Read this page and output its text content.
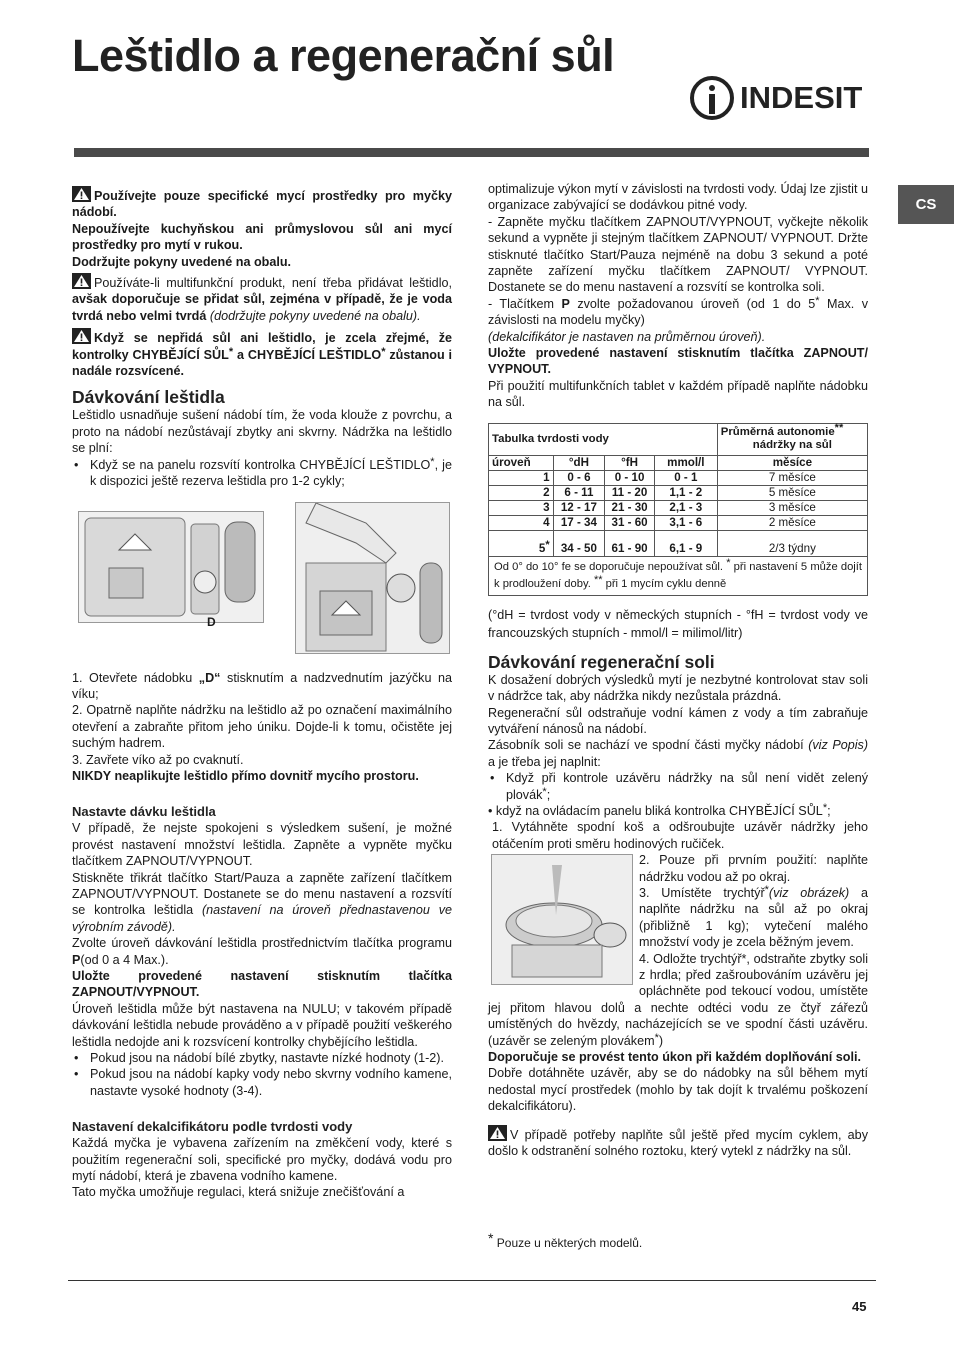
Leštidlo a regenerační sůl
INDESIT
CS

Používejte pouze specifické mycí prostředky pro myčky nádobí.

Nepoužívejte kuchyňskou ani průmyslovou sůl ani mycí prostředky pro mytí v rukou.

Dodržujte pokyny uvedené na obalu.

Používáte-li multifunkční produkt, není třeba přidávat leštidlo, avšak doporučuje se přidat sůl, zejména v případě, že je voda tvrdá nebo velmi tvrdá (dodržujte pokyny uvedené na obalu).

Když se nepřidá sůl ani leštidlo, je zcela zřejmé, že kontrolky CHYBĚJÍCÍ SŮL* a CHYBĚJÍCÍ LEŠTIDLO* zůstanou i nadále rozsvícené.

Dávkování leštidla

Leštidlo usnadňuje sušení nádobí tím, že voda klouže z povrchu, a proto na nádobí nezůstávají zbytky ani skvrny. Nádržka na leštidlo se plní:

• Když se na panelu rozsvítí kontrolka CHYBĚJÍCÍ LEŠTIDLO*, je k dispozici ještě rezerva leštidla pro 1-2 cykly;
D

1. Otevřete nádobku „D“ stisknutím a nadzvednutím jazýčku na víku;

2. Opatrně naplňte nádržku na leštidlo až po označení maximálního otevření a zabraňte přitom jeho úniku. Dojde-li k tomu, očistěte jej suchým hadrem.

3. Zavřete víko až po cvaknutí.

NIKDY neaplikujte leštidlo přímo dovnitř mycího prostoru.

Nastavte dávku leštidla

V případě, že nejste spokojeni s výsledkem sušení, je možné provést nastavení množství leštidla. Zapněte a vypněte myčku tlačítkem ZAPNOUT/VYPNOUT.

Stiskněte třikrát tlačítko Start/Pauza a zapněte zařízení tlačítkem ZAPNOUT/VYPNOUT. Dostanete se do menu nastavení a rozsvítí se kontrolka leštidla (nastavení na úroveň přednastavenou ve výrobním závodě).

Zvolte úroveň dávkování leštidla prostřednictvím tlačítka programu P(od 0 a 4 Max.).

Uložte provedené nastavení stisknutím tlačítka ZAPNOUT/VYPNOUT.

Úroveň leštidla může být nastavena na NULU; v takovém případě dávkování leštidla nebude prováděno a v případě použití veškerého leštidla nedojde ani k rozsvícení kontrolky chybějícího leštidla.

• Pokud jsou na nádobí bílé zbytky, nastavte nízké hodnoty (1-2).
• Pokud jsou na nádobí kapky vody nebo skvrny vodního kamene, nastavte vysoké hodnoty (3-4).
Nastavení dekalcifikátoru podle tvrdosti vody

Každá myčka je vybavena zařízením na změkčení vody, které s použitím regenerační soli, specifické pro myčky, dodává vodu pro mytí nádobí, která je zbavena vodního kamene.

Tato myčka umožňuje regulaci, která snižuje znečišťování a

optimalizuje výkon mytí v závislosti na tvrdosti vody. Údaj lze zjistit u organizace zabývající se dodávkou pitné vody.

- Zapněte myčku tlačítkem ZAPNOUT/VYPNOUT, vyčkejte několik sekund a vypněte ji stejným tlačítkem ZAPNOUT/ VYPNOUT. Držte stisknuté tlačítko Start/Pauza nejméně na dobu 3 sekund a poté zapněte zařízení myčku tlačítkem ZAPNOUT/ VYPNOUT. Dostanete se do menu nastavení a rozsvítí se kontrolka soli.

- Tlačítkem P zvolte požadovanou úroveň (od 1 do 5* Max. v závislosti na modelu myčky)

(dekalcifikátor je nastaven na průměrnou úroveň).

Uložte provedené nastavení stisknutím tlačítka ZAPNOUT/ VYPNOUT.

Při použití multifunkčních tablet v každém případě naplňte nádobku na sůl.

Tabulka tvrdosti vody				Průměrná autonomie**

nádržky na sůl

úroveň	°dH	°fH	mmol/l	měsíce
1	0 - 6	0 - 10	0 - 1	7 měsíce
2	6 - 11	11 - 20	1,1 - 2	5 měsíce
3	12 - 17	21 - 30	2,1 - 3	3 měsíce
4	17 - 34	31 - 60	3,1 - 6	2 měsíce
5*	34 - 50	61 - 90	6,1 - 9	2/3 týdny
Od 0° do 10° fe se doporučuje nepoužívat sůl. * při nastavení 5 může dojít k prodloužení doby. ** při 1 mycím cyklu denně				

(°dH = tvrdost vody v německých stupních - °fH = tvrdost vody ve francouzských stupních - mmol/l = milimol/litr)

Dávkování regenerační soli

K dosažení dobrých výsledků mytí je nezbytné kontrolovat stav soli v nádržce tak, aby nádržka nikdy nezůstala prázdná.

Regenerační sůl odstraňuje vodní kámen z vody a tím zabraňuje vytváření nánosů na nádobí.

Zásobník soli se nachází ve spodní části myčky nádobí (viz Popis) a je třeba jej naplnit:

• Když při kontrole uzávěru nádržky na sůl není vidět zelený plovák*;

• když na ovládacím panelu bliká kontrolka CHYBĚJÍCÍ SŮL*;

1. Vytáhněte spodní koš a odšroubujte uzávěr nádržky jeho otáčením proti směru hodinových ručiček.

2. Pouze při prvním použití: naplňte nádržku vodou až po okraj.

3. Umístěte trychtýř*(viz obrázek) a naplňte nádržku na sůl až po okraj (přibližně 1 kg); vytečení malého množství vody je zcela běžným jevem.

4. Odložte trychtýř*, odstraňte zbytky soli z hrdla; před zašroubováním uzávěru jej opláchněte pod tekoucí vodou, umístěte jej přitom hlavou dolů a nechte odtéci vodu ze čtyř zářezů umístěných do hvězdy, nacházejících se ve spodní části uzávěru. (uzávěr se zeleným plovákem*)

Doporučuje se provést tento úkon při každém doplňování soli.

Dobře dotáhněte uzávěr, aby se do nádobky na sůl během mytí nedostal mycí prostředek (mohlo by tak dojít k trvalému poškození dekalcifikátoru).

V případě potřeby naplňte sůl ještě před mycím cyklem, aby došlo k odstranění solného roztoku, který vytekl z nádržky na sůl.

* Pouze u některých modelů.
45
